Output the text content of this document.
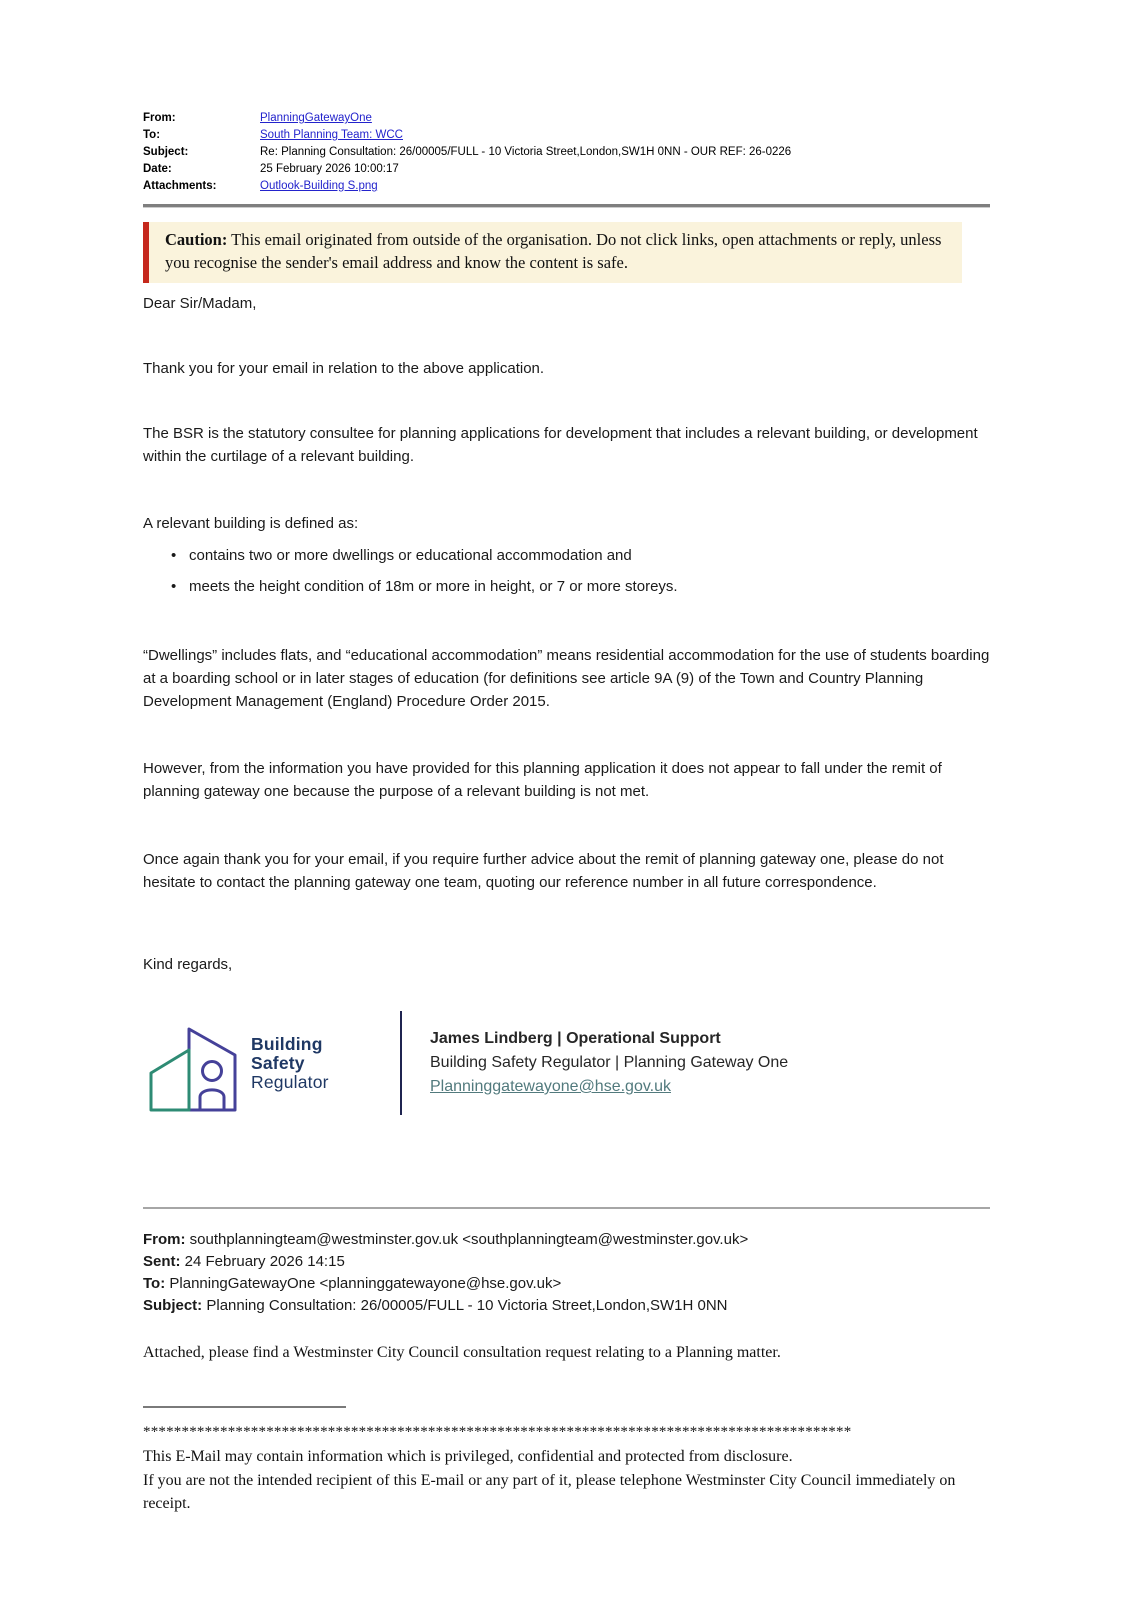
From:	PlanningGatewayOne
To:	South Planning Team: WCC
Subject:	Re: Planning Consultation: 26/00005/FULL - 10 Victoria Street,London,SW1H 0NN - OUR REF: 26-0226
Date:	25 February 2026 10:00:17
Attachments:	Outlook-Building S.png
Caution: This email originated from outside of the organisation. Do not click links, open attachments or reply, unless you recognise the sender's email address and know the content is safe.

Dear Sir/Madam,

Thank you for your email in relation to the above application.

The BSR is the statutory consultee for planning applications for development that includes a relevant building, or development within the curtilage of a relevant building.

A relevant building is defined as:

• contains two or more dwellings or educational accommodation and
• meets the height condition of 18m or more in height, or 7 or more storeys.

“Dwellings” includes flats, and “educational accommodation” means residential accommodation for the use of students boarding at a boarding school or in later stages of education (for definitions see article 9A (9) of the Town and Country Planning Development Management (England) Procedure Order 2015.

However, from the information you have provided for this planning application it does not appear to fall under the remit of planning gateway one because the purpose of a relevant building is not met.

Once again thank you for your email, if you require further advice about the remit of planning gateway one, please do not hesitate to contact the planning gateway one team, quoting our reference number in all future correspondence.

Kind regards,

Building
Safety
Regulator
James Lindberg | Operational Support
Building Safety Regulator | Planning Gateway One
Planninggatewayone@hse.gov.uk
From: southplanningteam@westminster.gov.uk <southplanningteam@westminster.gov.uk>
Sent: 24 February 2026 14:15
To: PlanningGatewayOne <planninggatewayone@hse.gov.uk>
Subject: Planning Consultation: 26/00005/FULL - 10 Victoria Street,London,SW1H 0NN

Attached, please find a Westminster City Council consultation request relating to a Planning matter.

********************************************************************************************

This E-Mail may contain information which is privileged, confidential and protected from disclosure.

If you are not the intended recipient of this E-mail or any part of it, please telephone Westminster City Council immediately on receipt.
